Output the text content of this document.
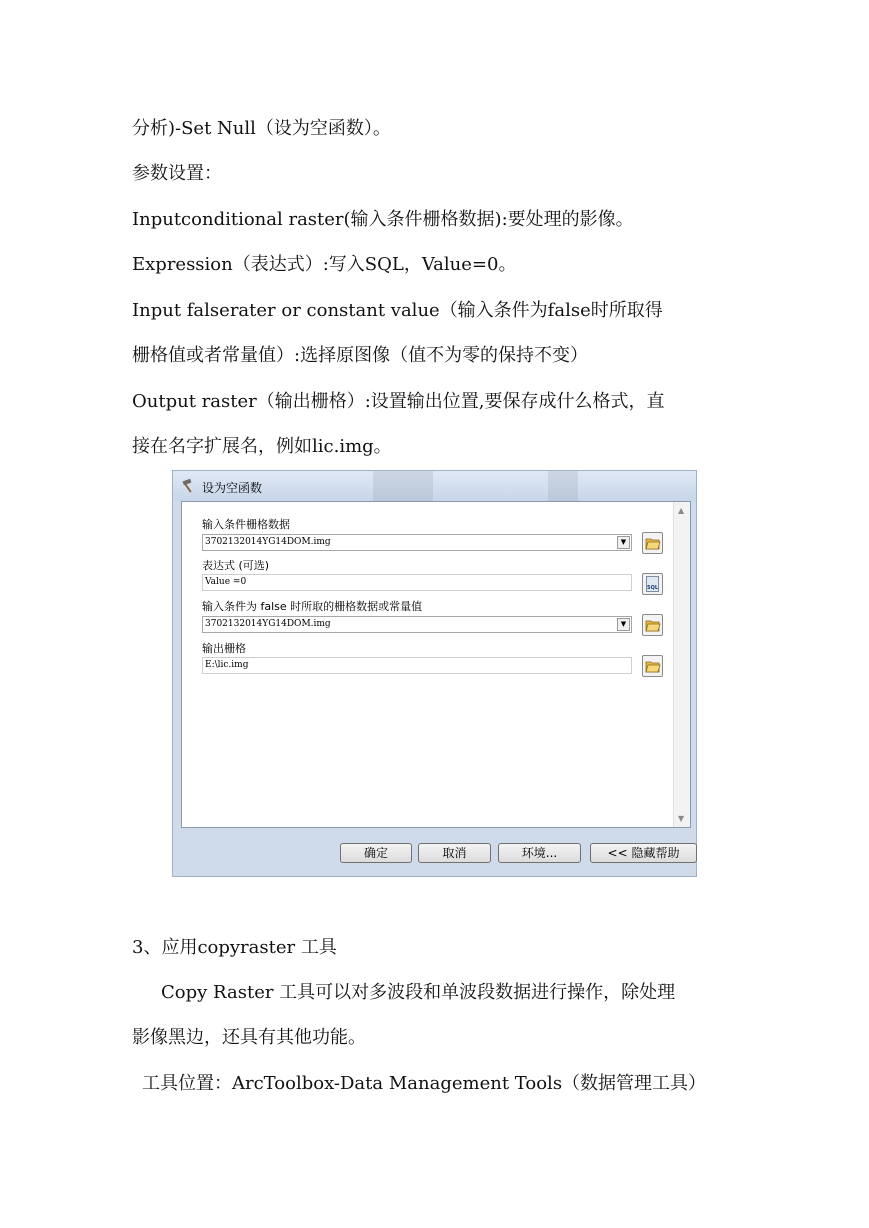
分析)-Set Null（设为空函数）。
参数设置：
Inputconditional raster(输入条件栅格数据):要处理的影像。
Expression（表达式）:写入SQL，Value=0。
Input falserater or constant value（输入条件为false时所取得
栅格值或者常量值）:选择原图像（值不为零的保持不变）
Output raster（输出栅格）:设置输出位置,要保存成什么格式，直
接在名字扩展名，例如lic.img。
设为空函数
输入条件栅格数据
3702132014YG14DOM.img	▼
表达式 (可选)
Value =0
SQL
输入条件为 false 时所取的栅格数据或常量值
3702132014YG14DOM.img	▼
输出栅格
E:\lic.img
▲
▼
确定	取消	环境...	<< 隐藏帮助
3、应用copyraster 工具
Copy Raster 工具可以对多波段和单波段数据进行操作，除处理
影像黑边，还具有其他功能。
工具位置：ArcToolbox-Data Management Tools（数据管理工具）
